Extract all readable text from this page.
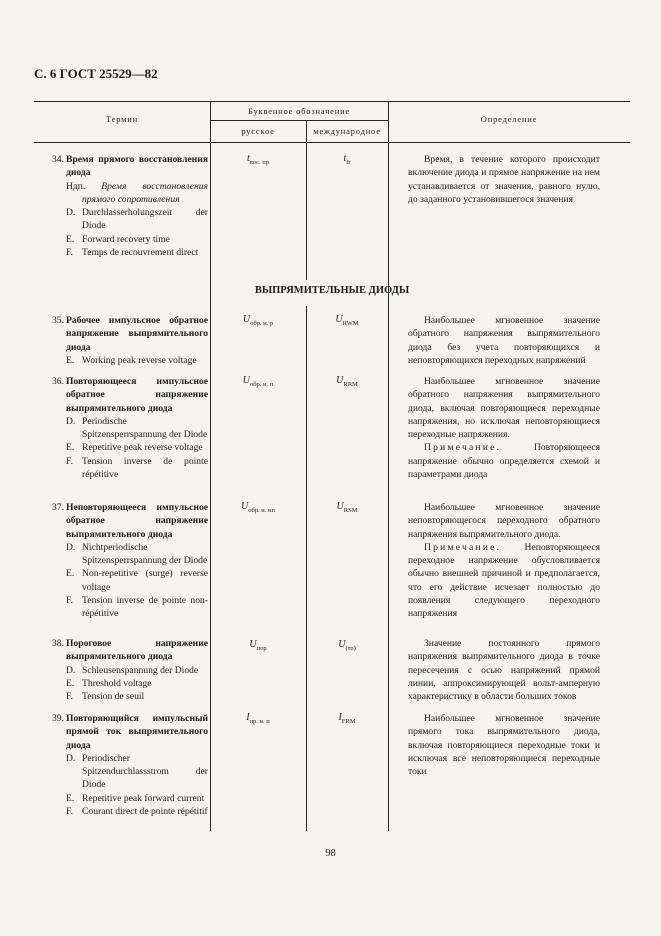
С. 6 ГОСТ 25529—82
Термин
Буквенное обозначение
русское	международное
Определение
34. Время прямого восстановления диода
Ндп. Время восстановления прямого сопротивления
D. Durchlasserholungszeit der Diode
E. Forward recovery time
F. Temps de recouvrement direct
$t_{вос. пр}$	$t_{fr}$	Время, в течение которого происходит включение диода и прямое напряжение на нем устанавливается от значения, равного нулю, до заданного установившегося значения

ВЫПРЯМИТЕЛЬНЫЕ ДИОДЫ
35. Рабочее импульсное обратное напряжение выпрямительного диода
E. Working peak reverse voltage
$U_{обр. и. р}$	$U_{RWM}$	Наибольшее мгновенное значение обратного напряжения выпрямительного диода без учета повторяющихся и неповторяющихся переходных напряжений

36. Повторяющееся импульсное обратное напряжение выпрямительного диода
D. Periodische Spitzensperrspannung der Diode
E. Repetitive peak reverse voltage
F. Tension inverse de pointe répétitive
$U_{обр. и. п}$	$U_{RRM}$	Наибольшее мгновенное значение обратного напряжения выпрямительного диода, включая повторяющиеся переходные напряжения, но исключая неповторяющиеся переходные напряжения.

Примечание.	Повторяющееся напряжение обычно определяется схемой и параметрами диода

37. Неповторяющееся импульсное обратное напряжение выпрямительного диода
D. Nichtperiodische Spitzensperrspannung der Diode
E. Non-repetitive (surge) reverse voltage
F. Tension inverse de pointe non-répétitive
$U_{обр. и. нп}$	$U_{RSM}$	Наибольшее мгновенное значение неповторяющегося переходного обратного напряжения выпрямительного диода.

Примечание. Неповторяющееся переходное напряжение обусловливается обычно внешней причиной и предполагается, что его действие исчезает полностью до появления следующего переходного напряжения

38. Пороговое напряжение выпрямительного диода
D. Schleusenspannung der Diode
E. Threshold voltage
F. Tension de seuil
$U_{пор}$	$U_{(то)}$	Значение постоянного прямого напряжения выпрямительного диода в точке пересечения с осью напряжений прямой линии, аппроксимирующей вольт-амперную характеристику в области больших токов

39. Повторяющийся импульсный прямой ток выпрямительного диода
D. Periodischer Spitzendurchlassstrom der Diode
E. Repetitive peak forward current
F. Courant direct de pointe répétitif
$I_{пр. и. п}$	$I_{FRM}$	Наибольшее мгновенное значение прямого тока выпрямительного диода, включая повторяющиеся переходные токи и исключая все неповторяющиеся переходные токи

98
